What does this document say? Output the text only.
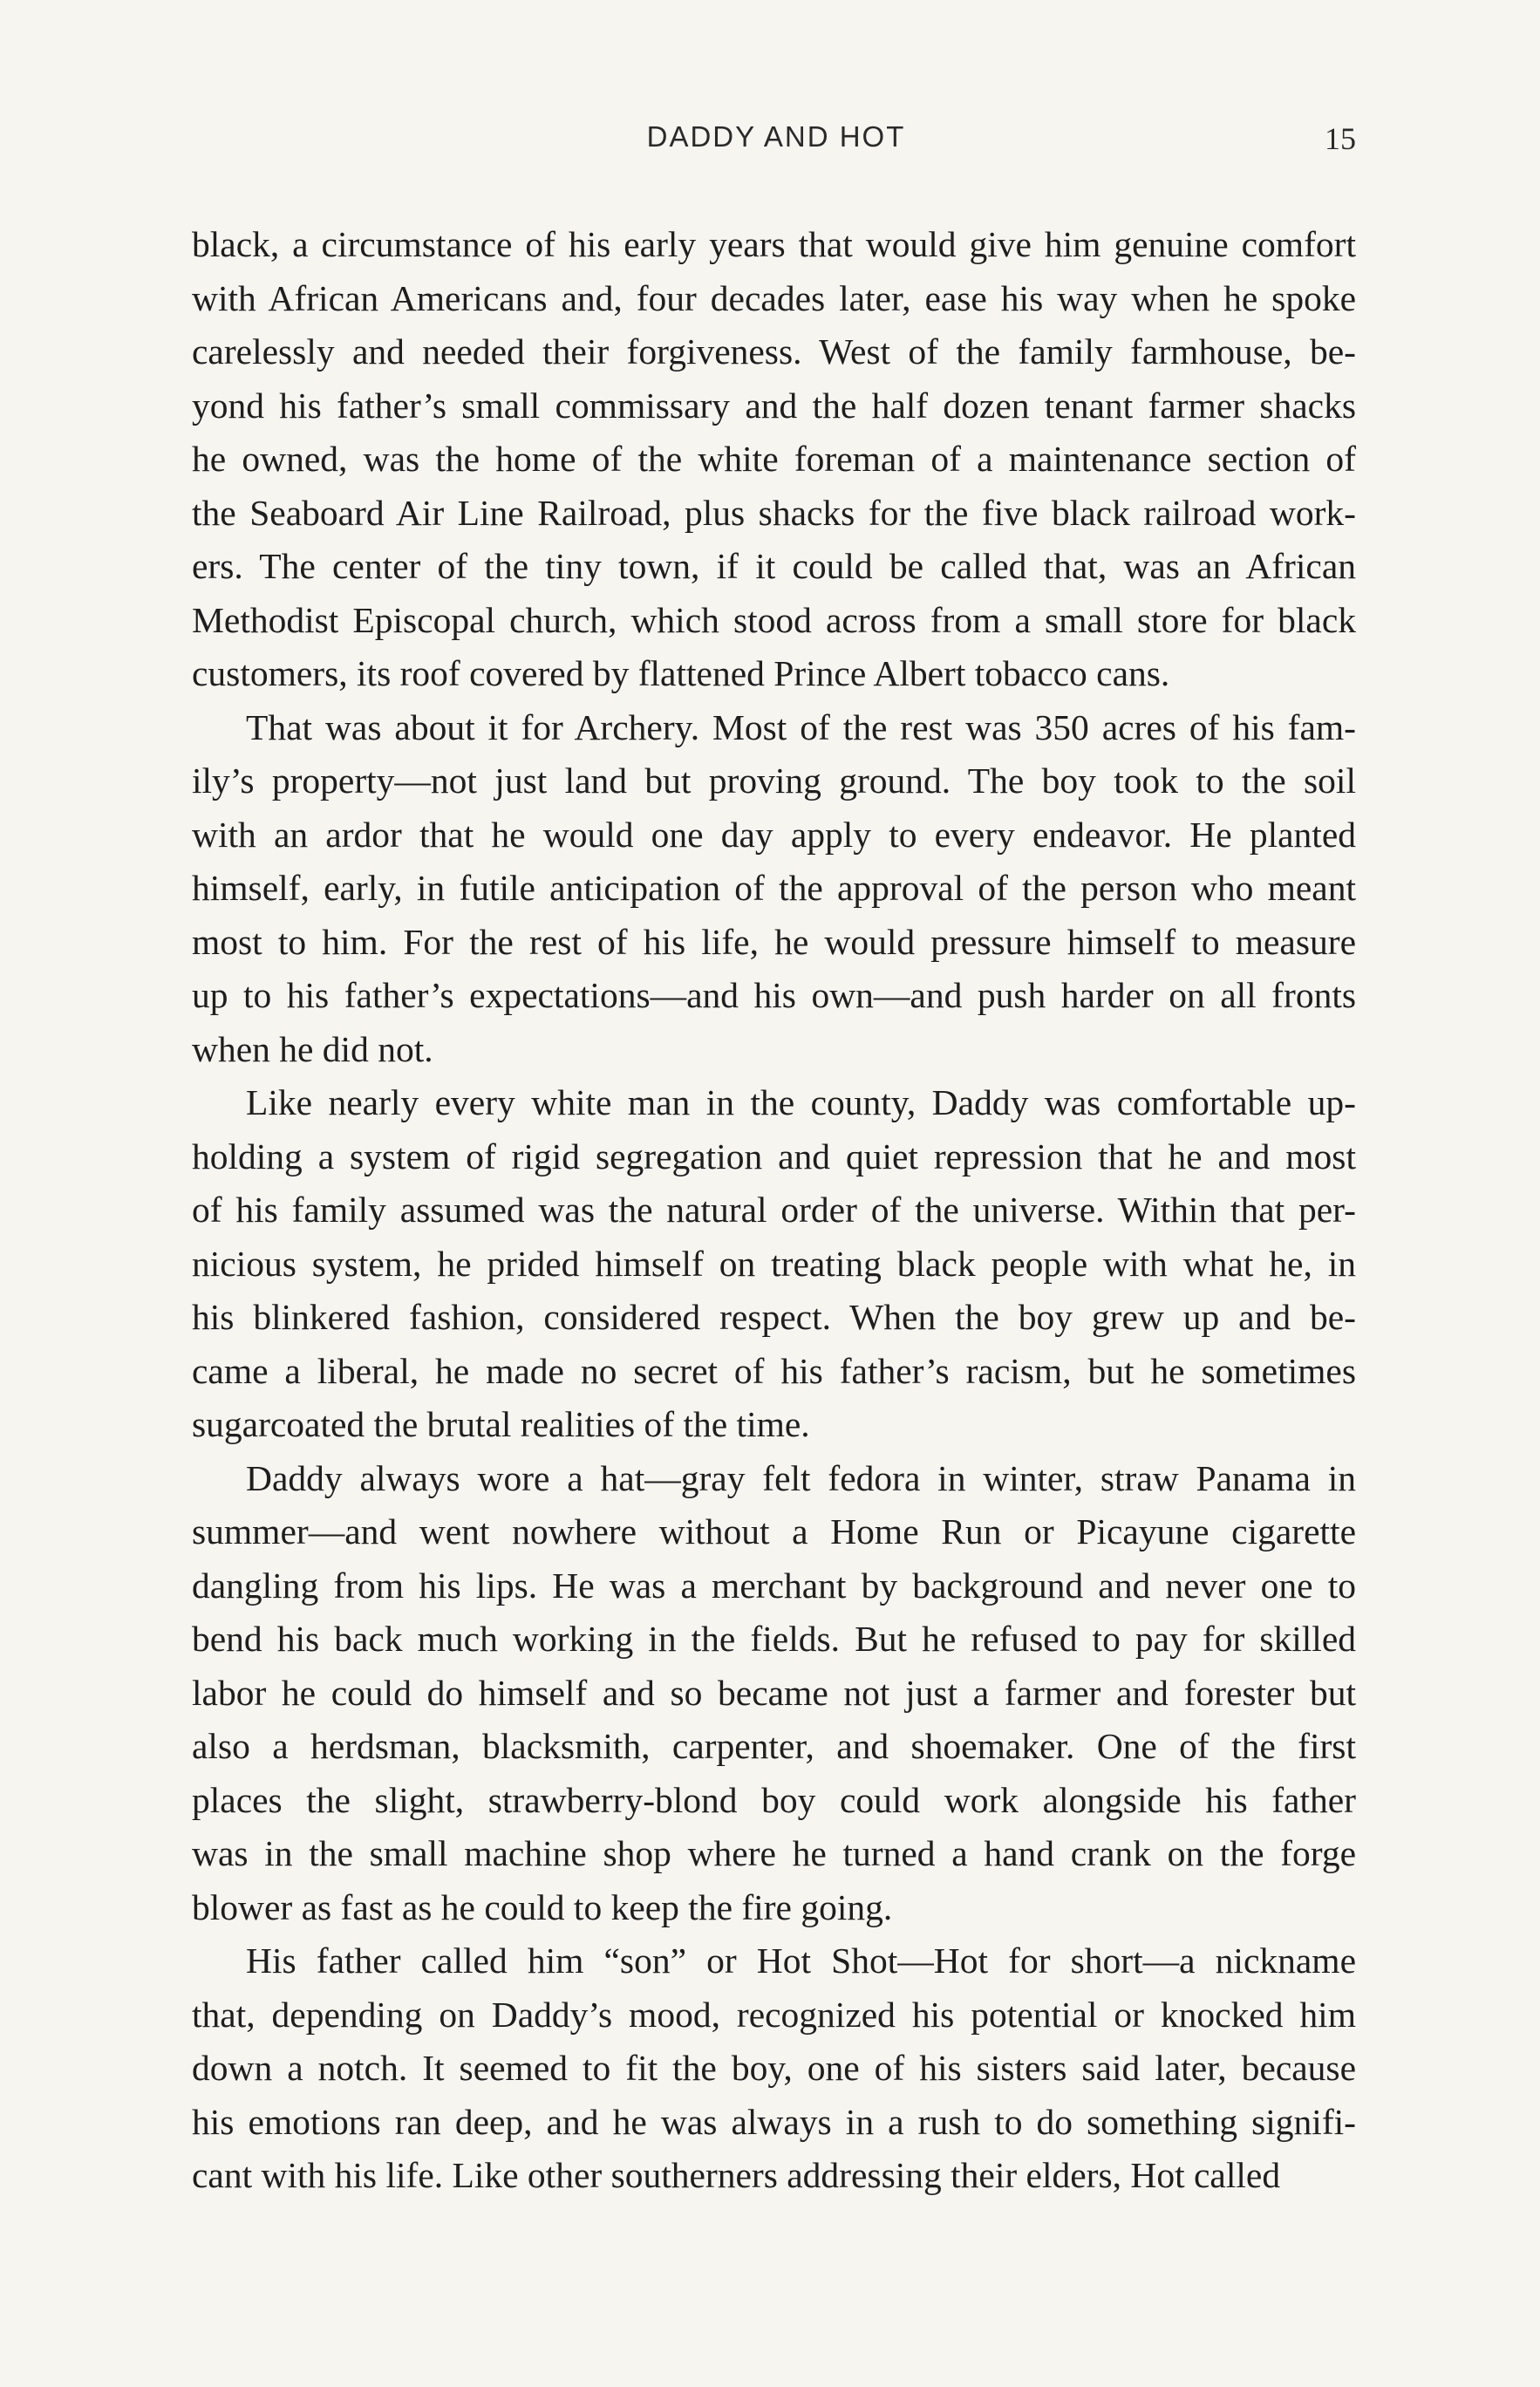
DADDY AND HOT	15

black, a circumstance of his early years that would give him genuine comfort
with African Americans and, four decades later, ease his way when he spoke
carelessly and needed their forgiveness. West of the family farmhouse, be-
yond his father’s small commissary and the half dozen tenant farmer shacks
he owned, was the home of the white foreman of a maintenance section of
the Seaboard Air Line Railroad, plus shacks for the five black railroad work-
ers. The center of the tiny town, if it could be called that, was an African
Methodist Episcopal church, which stood across from a small store for black
customers, its roof covered by flattened Prince Albert tobacco cans.

That was about it for Archery. Most of the rest was 350 acres of his fam-
ily’s property—not just land but proving ground. The boy took to the soil
with an ardor that he would one day apply to every endeavor. He planted
himself, early, in futile anticipation of the approval of the person who meant
most to him. For the rest of his life, he would pressure himself to measure
up to his father’s expectations—and his own—and push harder on all fronts
when he did not.

Like nearly every white man in the county, Daddy was comfortable up-
holding a system of rigid segregation and quiet repression that he and most
of his family assumed was the natural order of the universe. Within that per-
nicious system, he prided himself on treating black people with what he, in
his blinkered fashion, considered respect. When the boy grew up and be-
came a liberal, he made no secret of his father’s racism, but he sometimes
sugarcoated the brutal realities of the time.

Daddy always wore a hat—gray felt fedora in winter, straw Panama in
summer—and went nowhere without a Home Run or Picayune cigarette
dangling from his lips. He was a merchant by background and never one to
bend his back much working in the fields. But he refused to pay for skilled
labor he could do himself and so became not just a farmer and forester but
also a herdsman, blacksmith, carpenter, and shoemaker. One of the first
places the slight, strawberry-blond boy could work alongside his father
was in the small machine shop where he turned a hand crank on the forge
blower as fast as he could to keep the fire going.

His father called him “son” or Hot Shot—Hot for short—a nickname
that, depending on Daddy’s mood, recognized his potential or knocked him
down a notch. It seemed to fit the boy, one of his sisters said later, because
his emotions ran deep, and he was always in a rush to do something signifi-
cant with his life. Like other southerners addressing their elders, Hot called
